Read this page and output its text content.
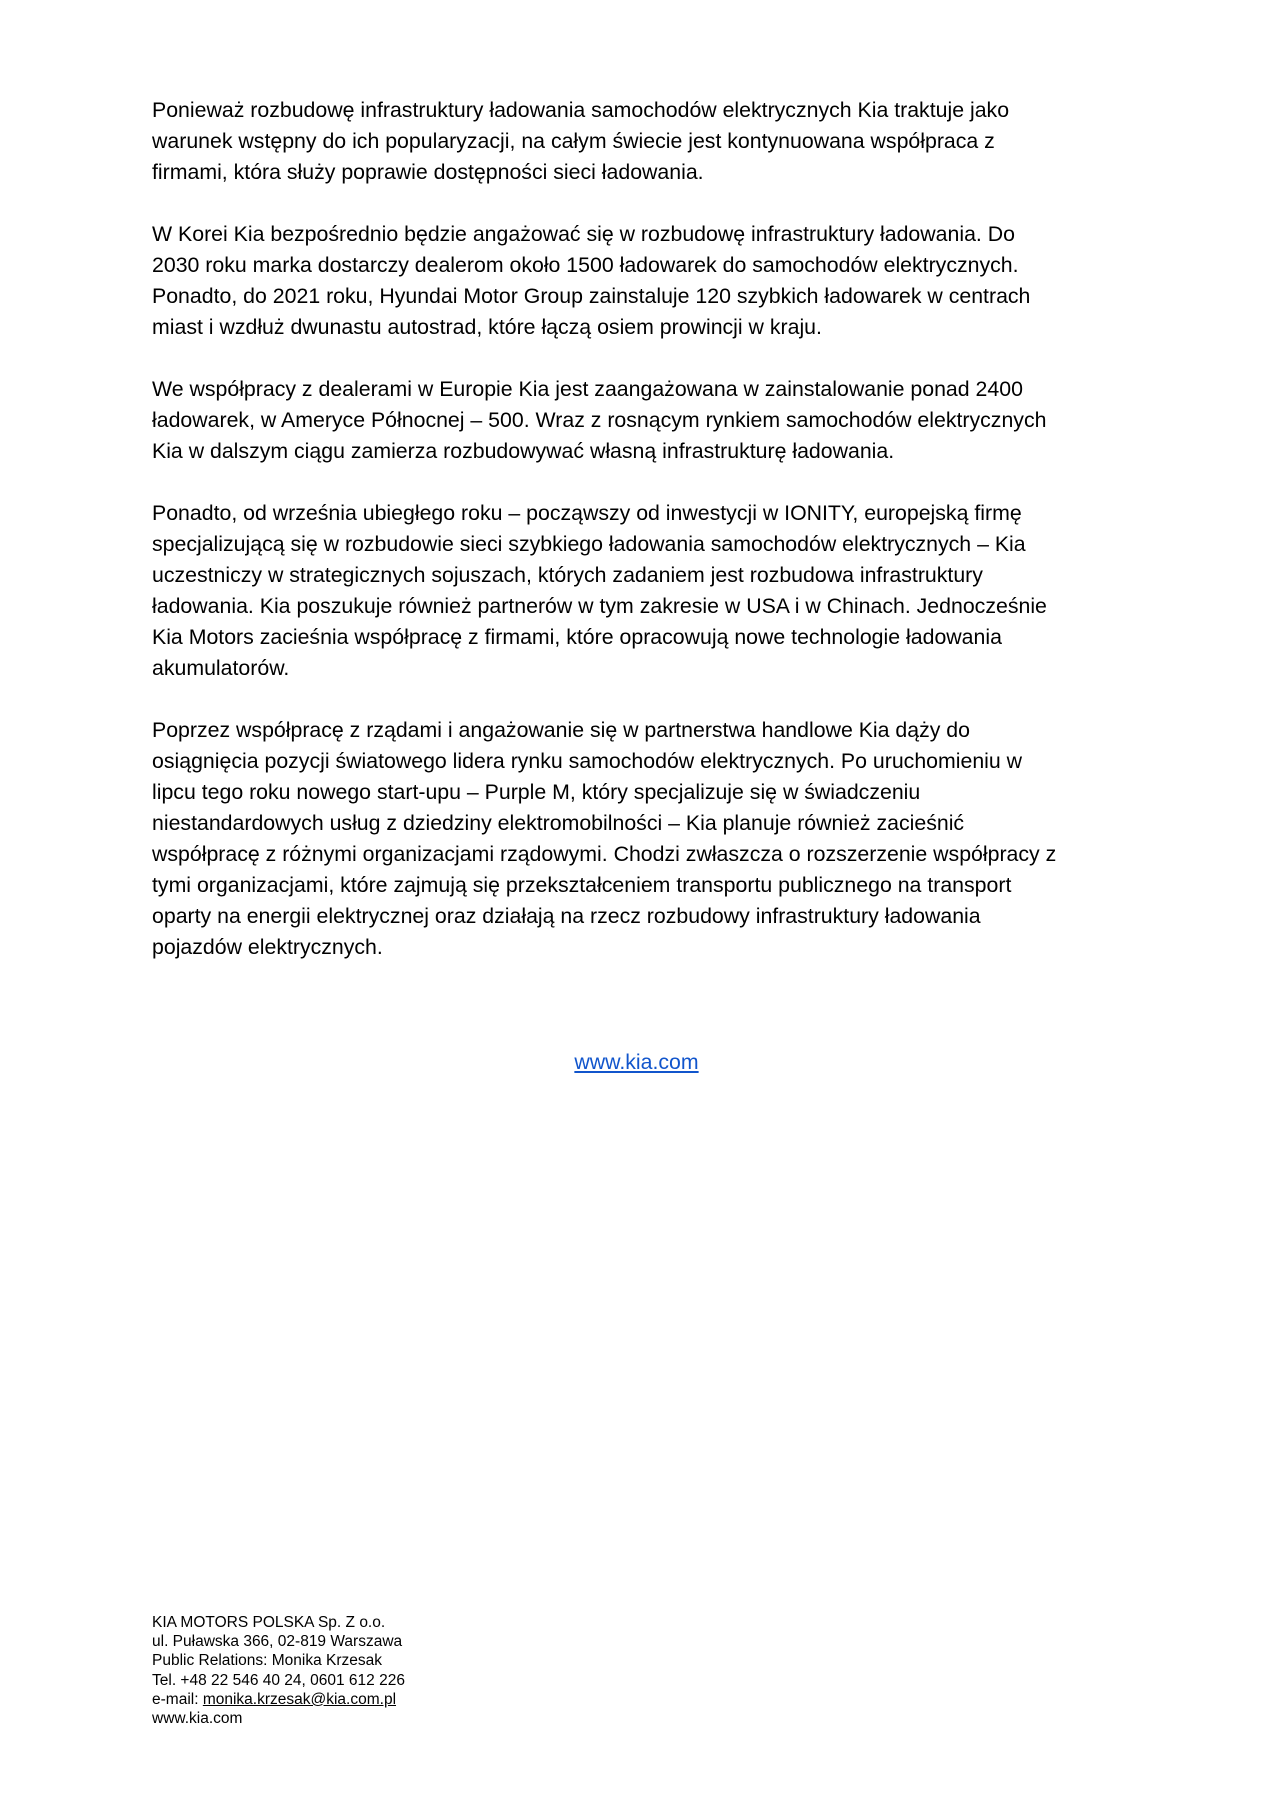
Ponieważ rozbudowę infrastruktury ładowania samochodów elektrycznych Kia traktuje jako
warunek wstępny do ich popularyzacji, na całym świecie jest kontynuowana współpraca z
firmami, która służy poprawie dostępności sieci ładowania.

W Korei Kia bezpośrednio będzie angażować się w rozbudowę infrastruktury ładowania. Do
2030 roku marka dostarczy dealerom około 1500 ładowarek do samochodów elektrycznych.
Ponadto, do 2021 roku, Hyundai Motor Group zainstaluje 120 szybkich ładowarek w centrach
miast i wzdłuż dwunastu autostrad, które łączą osiem prowincji w kraju.

We współpracy z dealerami w Europie Kia jest zaangażowana w zainstalowanie ponad 2400
ładowarek, w Ameryce Północnej – 500. Wraz z rosnącym rynkiem samochodów elektrycznych
Kia w dalszym ciągu zamierza rozbudowywać własną infrastrukturę ładowania.

Ponadto, od września ubiegłego roku – począwszy od inwestycji w IONITY, europejską firmę
specjalizującą się w rozbudowie sieci szybkiego ładowania samochodów elektrycznych – Kia
uczestniczy w strategicznych sojuszach, których zadaniem jest rozbudowa infrastruktury
ładowania. Kia poszukuje również partnerów w tym zakresie w USA i w Chinach. Jednocześnie
Kia Motors zacieśnia współpracę z firmami, które opracowują nowe technologie ładowania
akumulatorów.

Poprzez współpracę z rządami i angażowanie się w partnerstwa handlowe Kia dąży do
osiągnięcia pozycji światowego lidera rynku samochodów elektrycznych. Po uruchomieniu w
lipcu tego roku nowego start-upu – Purple M, który specjalizuje się w świadczeniu
niestandardowych usług z dziedziny elektromobilności – Kia planuje również zacieśnić
współpracę z różnymi organizacjami rządowymi. Chodzi zwłaszcza o rozszerzenie współpracy z
tymi organizacjami, które zajmują się przekształceniem transportu publicznego na transport
oparty na energii elektrycznej oraz działają na rzecz rozbudowy infrastruktury ładowania
pojazdów elektrycznych.

www.kia.com
KIA MOTORS POLSKA Sp. Z o.o.
ul. Puławska 366, 02-819 Warszawa
Public Relations: Monika Krzesak
Tel. +48 22 546 40 24, 0601 612 226
e-mail: monika.krzesak@kia.com.pl
www.kia.com
